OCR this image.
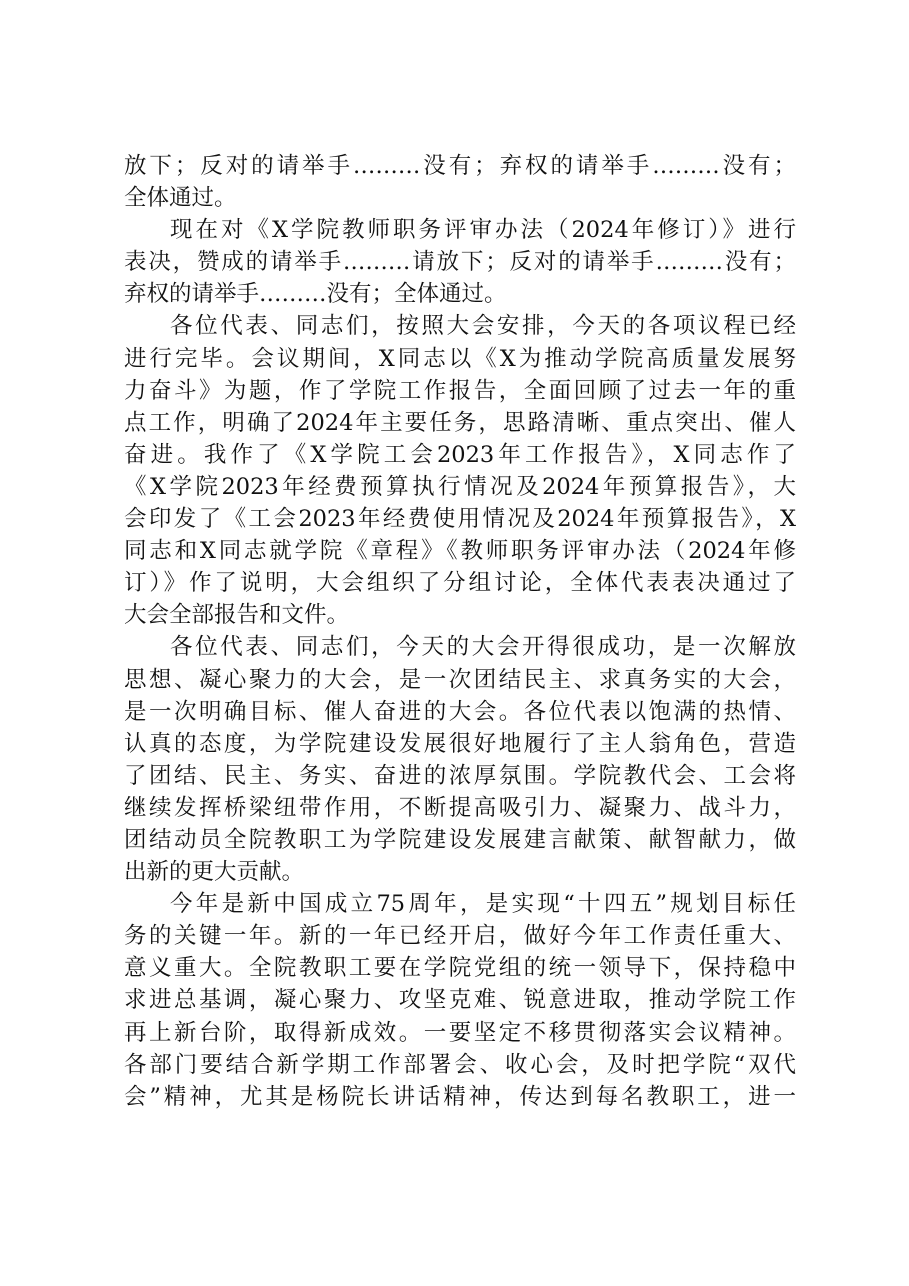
放下；反对的请举手………没有；弃权的请举手………没有；
全体通过。
现在对《X学院教师职务评审办法（2024年修订）》进行
表决，赞成的请举手………请放下；反对的请举手………没有；
弃权的请举手………没有；全体通过。
各位代表、同志们，按照大会安排，今天的各项议程已经
进行完毕。会议期间，X同志以《X为推动学院高质量发展努
力奋斗》为题，作了学院工作报告，全面回顾了过去一年的重
点工作，明确了2024年主要任务，思路清晰、重点突出、催人
奋进。我作了《X学院工会2023年工作报告》，X同志作了
《X学院2023年经费预算执行情况及2024年预算报告》，大
会印发了《工会2023年经费使用情况及2024年预算报告》，X
同志和X同志就学院《章程》《教师职务评审办法（2024年修
订）》作了说明，大会组织了分组讨论，全体代表表决通过了
大会全部报告和文件。
各位代表、同志们，今天的大会开得很成功，是一次解放
思想、凝心聚力的大会，是一次团结民主、求真务实的大会，
是一次明确目标、催人奋进的大会。各位代表以饱满的热情、
认真的态度，为学院建设发展很好地履行了主人翁角色，营造
了团结、民主、务实、奋进的浓厚氛围。学院教代会、工会将
继续发挥桥梁纽带作用，不断提高吸引力、凝聚力、战斗力，
团结动员全院教职工为学院建设发展建言献策、献智献力，做
出新的更大贡献。
今年是新中国成立75周年，是实现“十四五”规划目标任
务的关键一年。新的一年已经开启，做好今年工作责任重大、
意义重大。全院教职工要在学院党组的统一领导下，保持稳中
求进总基调，凝心聚力、攻坚克难、锐意进取，推动学院工作
再上新台阶，取得新成效。一要坚定不移贯彻落实会议精神。
各部门要结合新学期工作部署会、收心会，及时把学院“双代
会”精神，尤其是杨院长讲话精神，传达到每名教职工，进一
